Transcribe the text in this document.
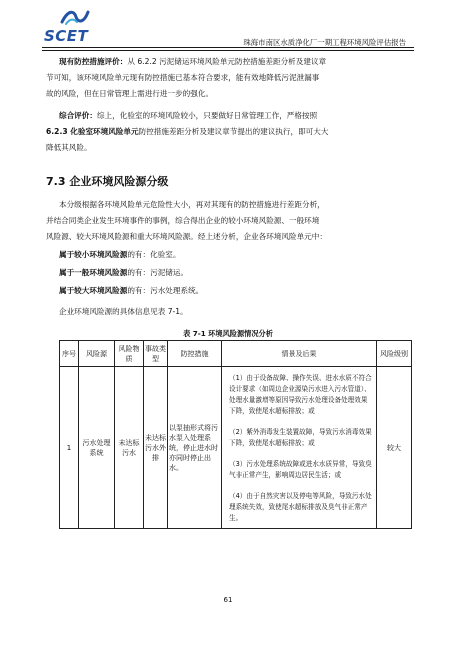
SCET	珠海市南区水质净化厂一期工程环境风险评估报告
现有防控措施评价：从 6.2.2 污泥储运环境风险单元防控措施差距分析及建议章
节可知，该环境风险单元现有防控措施已基本符合要求，能有效地降低污泥泄漏事
故的风险，但在日常管理上需进行进一步的强化。
综合评价：综上，化验室的环境风险较小，只要做好日常管理工作，严格按照
6.2.3 化验室环境风险单元防控措施差距分析及建议章节提出的建议执行，即可大大
降低其风险。
7.3 企业环境风险源分级
本分级根据各环境风险单元危险性大小，再对其现有的防控措施进行差距分析，
并结合同类企业发生环境事件的事例，综合得出企业的较小环境风险源、一般环境
风险源、较大环境风险源和重大环境风险源。经上述分析，企业各环境风险单元中：
属于较小环境风险源的有：化验室。
属于一般环境风险源的有：污泥储运。
属于较大环境风险源的有：污水处理系统。
企业环境风险源的具体信息见表 7-1。
表 7-1 环境风险源情况分析
序号	风险源	风险物质	事故类型	防控措施	情景及后果	风险级别
1	污水处理系统	未达标污水	未达标污水外排	以泵抽形式将污水泵入处理系统，停止进水时亦同时停止出水。	（1）由于设备故障、操作失误、进水水质不符合设计要求（如周边企业源染污水进入污水管道）、处理水量激增等原因导致污水处理设备处理效果下降，致使尾水超标排放；或
（2）紫外消毒发生装置故障，导致污水消毒效果下降，致使尾水超标排放；或
（3）污水处理系统故障或进水水质异常，导致臭气非正常产生，影响周边居民生活；或
（4）由于自然灾害以及停电等风险，导致污水处理系统失效，致使尾水超标排放及臭气非正常产生。	较大
61
